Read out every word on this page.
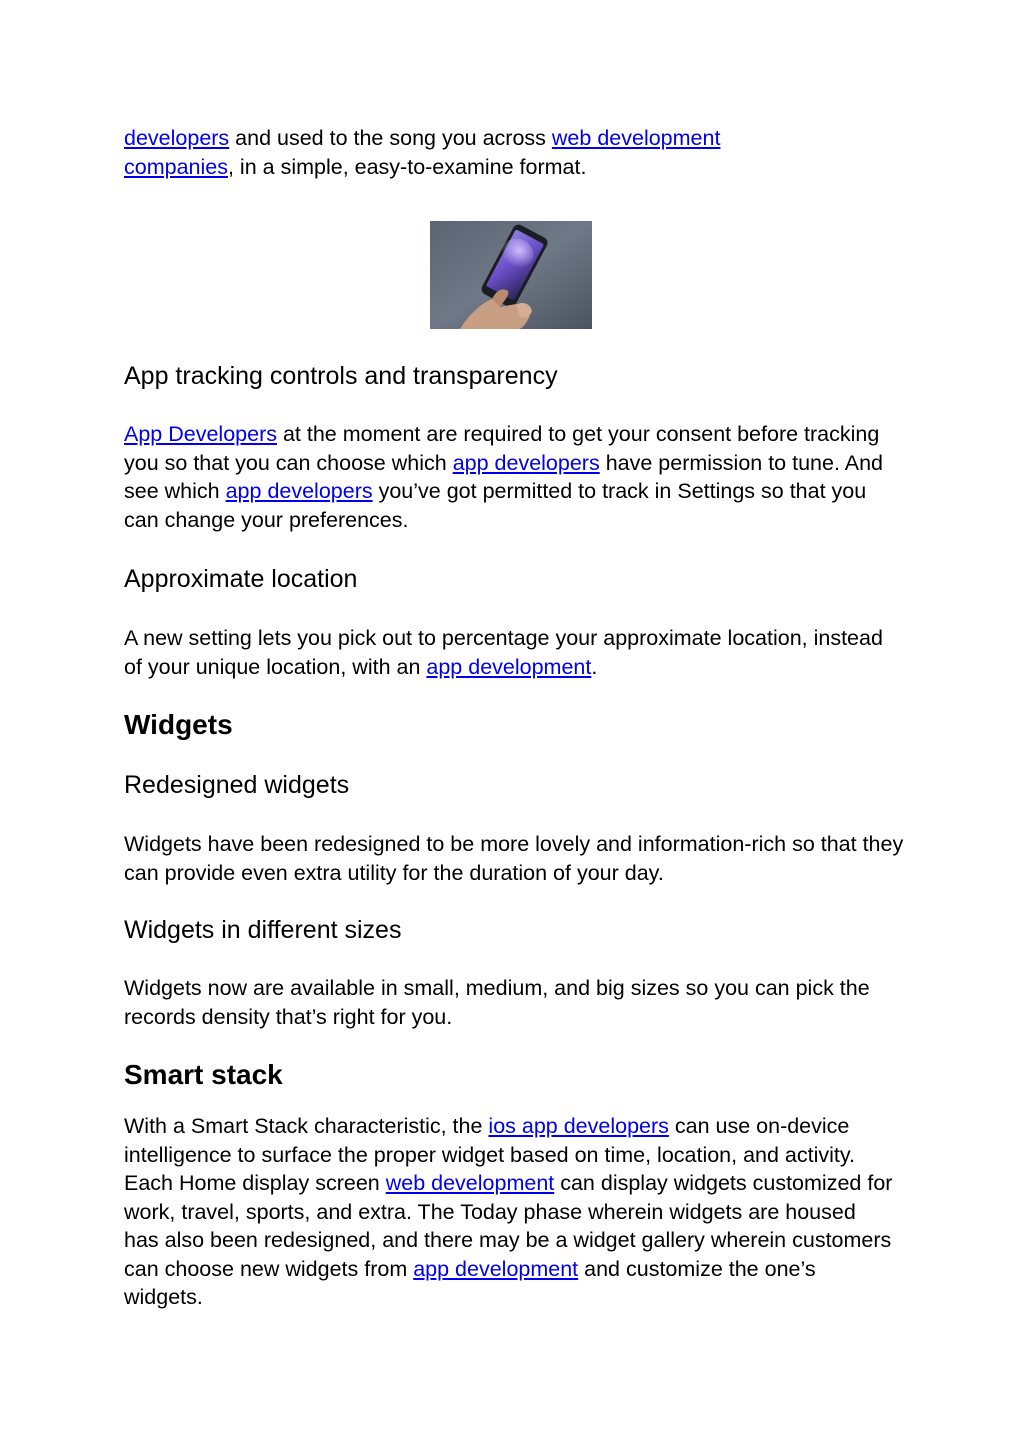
developers and used to the song you across web development companies, in a simple, easy-to-examine format.

App tracking controls and transparency

App Developers at the moment are required to get your consent before tracking you so that you can choose which app developers have permission to tune. And see which app developers you’ve got permitted to track in Settings so that you can change your preferences.

Approximate location

A new setting lets you pick out to percentage your approximate location, instead of your unique location, with an app development.

Widgets
Redesigned widgets

Widgets have been redesigned to be more lovely and information-rich so that they can provide even extra utility for the duration of your day.

Widgets in different sizes

Widgets now are available in small, medium, and big sizes so you can pick the records density that’s right for you.

Smart stack

With a Smart Stack characteristic, the ios app developers can use on-device intelligence to surface the proper widget based on time, location, and activity. Each Home display screen web development can display widgets customized for work, travel, sports, and extra. The Today phase wherein widgets are housed has also been redesigned, and there may be a widget gallery wherein customers can choose new widgets from app development and customize the one’s widgets.
